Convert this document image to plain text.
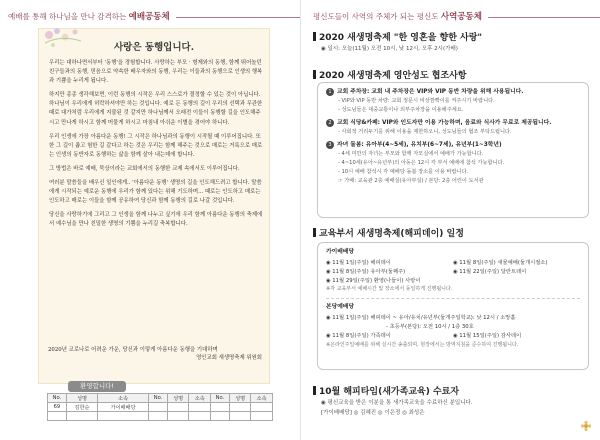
예배를 통해 하나님을 만나 감격하는 예배공동체
사랑은 동행입니다.

우리는 대하나면서부터 '동행'을 경험합니다. 사랑하는 부모 · 형제와의 동행, 함께 뛰어놀던 친구들과의 동행, 믿음으로 약속한 배우자와의 동행, 우리는 이들과의 동행으로 인생의 행복과 기쁨을 누리게 됩니다.

하지만 종종 생각해보면, 이런 동행의 시작은 우리 스스로가 결정할 수 있는 것이 아닙니다. 하나님이 우리에게 허락하셔야만 하는 것입니다. 예로 든 동행의 길이 우리의 선택과 무관한 때로 대가처럼 우리에게 지불된 것 같지만 하나님께서 오래전 이들이 동행할 길을 인도해주시고 만나게 하시고 함께 머물게 하시고 마침내 아쉬운 이별을 겪어야 하니다.

우리 인생에 가장 아름다운 동행! 그 시작은 하나님과의 동행이 시작될 때 이루어집니다. 또한 그 길이 좁고 험한 길 같다고 하는 것은 우리는 함께 해주는 것으로 매로는 거룩으로 매로는 인생의 동반자로 동행하는 삶을 함께 살아 내는데에 합니다.

그 방법은 바로 예배, 묵상이라는 교회에서의 동행한 교제 속에서도 이루어집니다.

여러분 말씀들을 배우신 일인에게.. '아름다운 동행' 생명의 길을 인도해드려고 합니다. 말씀에게 시작되는 예로운 동행에 우리가 함께 있다는 위해 기도하며... 때로는 인도하고 매로는 인도하고 매로는 이들을 함께 공유하여 당신과 함께 동행의 길로 나갈 것입니다.

당신을 사랑하기에 그리고 그 인생을 함께 나누고 싶기에 우리 함께 아름다운 동행의 축제에서 예수님을 만나 친밀한 생명의 기쁨을 누리길 축복합니다.

2020년 코로나로 어려운 가운, 당신과 이렇게 아름다운 동행을 기대하며
영인교회 새생명축제 위원회
환영합니다!
No.	성명	소속	No.	성명	소속	No.	성명	소속
69	김한순	가이배배당						

평신도들이 사역의 주체가 되는 평신도 사역공동체
2020 새생명축제 "한 영혼을 향한 사랑"
◉ 일시: 오늘(11월) 오전 10시, 낮 12시, 오후 2시(가배)
2020 새생명축제 영안성도 협조사항
1 교회 주차장: 교회 내 주차장은 VIP와 VIP 동반 차량을 위해 사용됩니다.
- VIP와 VIP 동반 차량: 교회 정문시 비상깜빡이를 켜주시기 바랍니다.
- 성도님들은 대중교통이나 외부주차장을 이용해주세요.
2 교회 식당&카페: VIP와 인도자만 이용 가능하며, 음료와 식사가 무료로 제공됩니다.
- 사회적 거리두기를 위해 이용을 제한하오니, 성도님들의 협조 부탁드립니다.
3 자녀 돌봄: 유아부(4~5세), 유치부(6~7세), 유년부(1~3학년)
- 4세 미만의 자녀는 부모와 함께 자모실에서 예배가 가능합니다.
- 4~10세(유아~유년부)의 아동은 12시 각 부서 예배에 참석 가능합니다.
- 10시 예배 참석시 각 예배당 돌봄 장소를 이용 바랍니다.
☞ 가배: 교육관 2층 예배실(유아부실) / 본당: 2층 어린이 도서관
교육부서 새생명축제(해피데이) 일정
가이배배당
◉ 11월 1일(주일) 해피데이
◉ 11월 8일(주일) 유아부(둘째주)
◉ 11월 29일(주일) 환영(나들이) 사랑이
◉ 11월 8일(주일) 새물예배(둘개시절소)
◉ 11월 22일(주일) 달란트데이
※각 교육부서 예배시간 및 장소에서 동일하게 진행됩니다.
본당예배당
◉ 11월 1일(주일) 해피데이 ~ 유아/유치/유년부(둘개주일학교): 낮 12시 / 소망홀
- 초등부(본당): 오전 10시 / 1층 30호
◉ 11월 8일(주일) 가족데이	◉ 11월 15일(주일) 감사데이
※온라인주일예배를 위해 실시간 송출되며, 현장에서는 방역지침을 준수하여 진행됩니다.
10월 해피타임(새가족교육) 수료자
◉ 평신교육을 받은 이분을 통 새가족교육을 수료하신 분입니다.
[가이배배당] ◎ 김혜진 ◎ 이은정 ◎ 최성은
